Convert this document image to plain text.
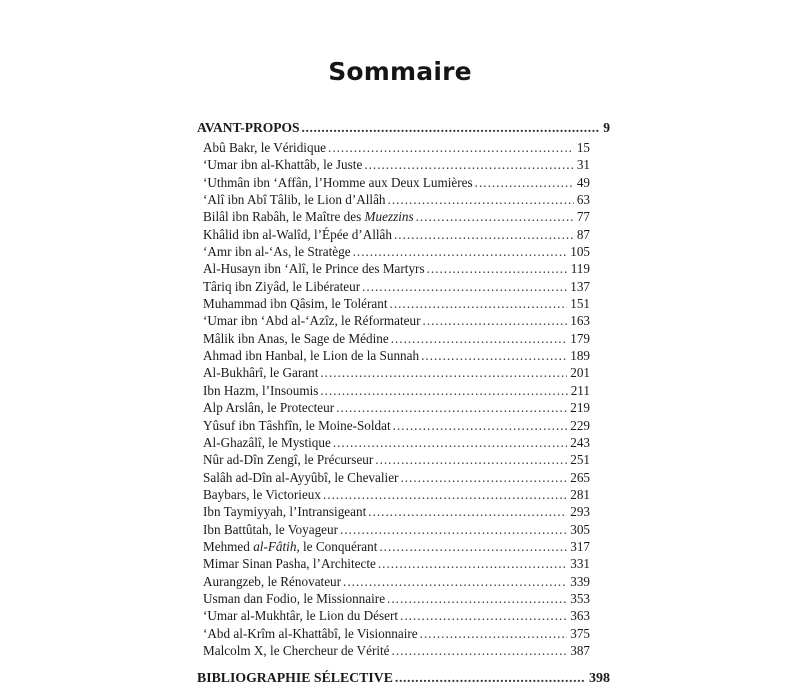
Sommaire
AVANT-PROPOS .....	9
Abû Bakr, le Véridique .....	15
‘Umar ibn al-Khattâb, le Juste .....	31
‘Uthmân ibn ‘Affân, l’Homme aux Deux Lumières .....	49
‘Alî ibn Abî Tâlib, le Lion d’Allâh .....	63
Bilâl ibn Rabâh, le Maître des Muezzins .....	77
Khâlid ibn al-Walîd, l’Épée d’Allâh .....	87
‘Amr ibn al-‘As, le Stratège .....	105
Al-Husayn ibn ‘Alî, le Prince des Martyrs .....	119
Târiq ibn Ziyâd, le Libérateur .....	137
Muhammad ibn Qâsim, le Tolérant .....	151
‘Umar ibn ‘Abd al-‘Azîz, le Réformateur .....	163
Mâlik ibn Anas, le Sage de Médine .....	179
Ahmad ibn Hanbal, le Lion de la Sunnah .....	189
Al-Bukhârî, le Garant .....	201
Ibn Hazm, l’Insoumis .....	211
Alp Arslân, le Protecteur .....	219
Yûsuf ibn Tâshfîn, le Moine-Soldat .....	229
Al-Ghazâlî, le Mystique .....	243
Nûr ad-Dîn Zengî, le Précurseur .....	251
Salâh ad-Dîn al-Ayyûbî, le Chevalier .....	265
Baybars, le Victorieux .....	281
Ibn Taymiyyah, l’Intransigeant .....	293
Ibn Battûtah, le Voyageur .....	305
Mehmed al-Fâtih, le Conquérant .....	317
Mimar Sinan Pasha, l’Architecte .....	331
Aurangzeb, le Rénovateur .....	339
Usman dan Fodio, le Missionnaire .....	353
‘Umar al-Mukhtâr, le Lion du Désert .....	363
‘Abd al-Krîm al-Khattâbî, le Visionnaire .....	375
Malcolm X, le Chercheur de Vérité .....	387
BIBLIOGRAPHIE SÉLECTIVE .....	398
